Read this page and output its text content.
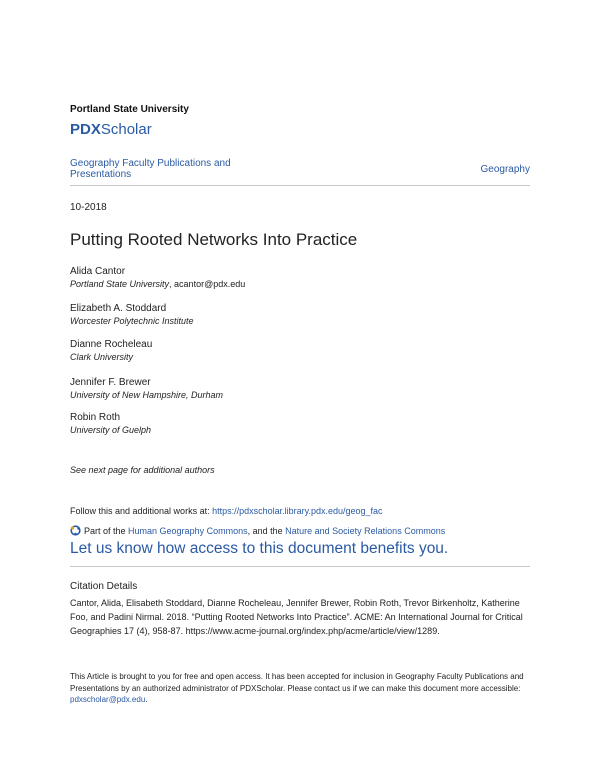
Portland State University
PDXScholar
Geography Faculty Publications and Presentations	Geography
10-2018
Putting Rooted Networks Into Practice
Alida Cantor
Portland State University, acantor@pdx.edu
Elizabeth A. Stoddard
Worcester Polytechnic Institute
Dianne Rocheleau
Clark University
Jennifer F. Brewer
University of New Hampshire, Durham
Robin Roth
University of Guelph
See next page for additional authors
Follow this and additional works at: https://pdxscholar.library.pdx.edu/geog_fac
Part of the Human Geography Commons, and the Nature and Society Relations Commons
Let us know how access to this document benefits you.
Citation Details
Cantor, Alida, Elisabeth Stoddard, Dianne Rocheleau, Jennifer Brewer, Robin Roth, Trevor Birkenholtz, Katherine Foo, and Padini Nirmal. 2018. “Putting Rooted Networks Into Practice”. ACME: An International Journal for Critical Geographies 17 (4), 958-87. https://www.acme-journal.org/index.php/acme/article/view/1289.
This Article is brought to you for free and open access. It has been accepted for inclusion in Geography Faculty Publications and Presentations by an authorized administrator of PDXScholar. Please contact us if we can make this document more accessible: pdxscholar@pdx.edu.
